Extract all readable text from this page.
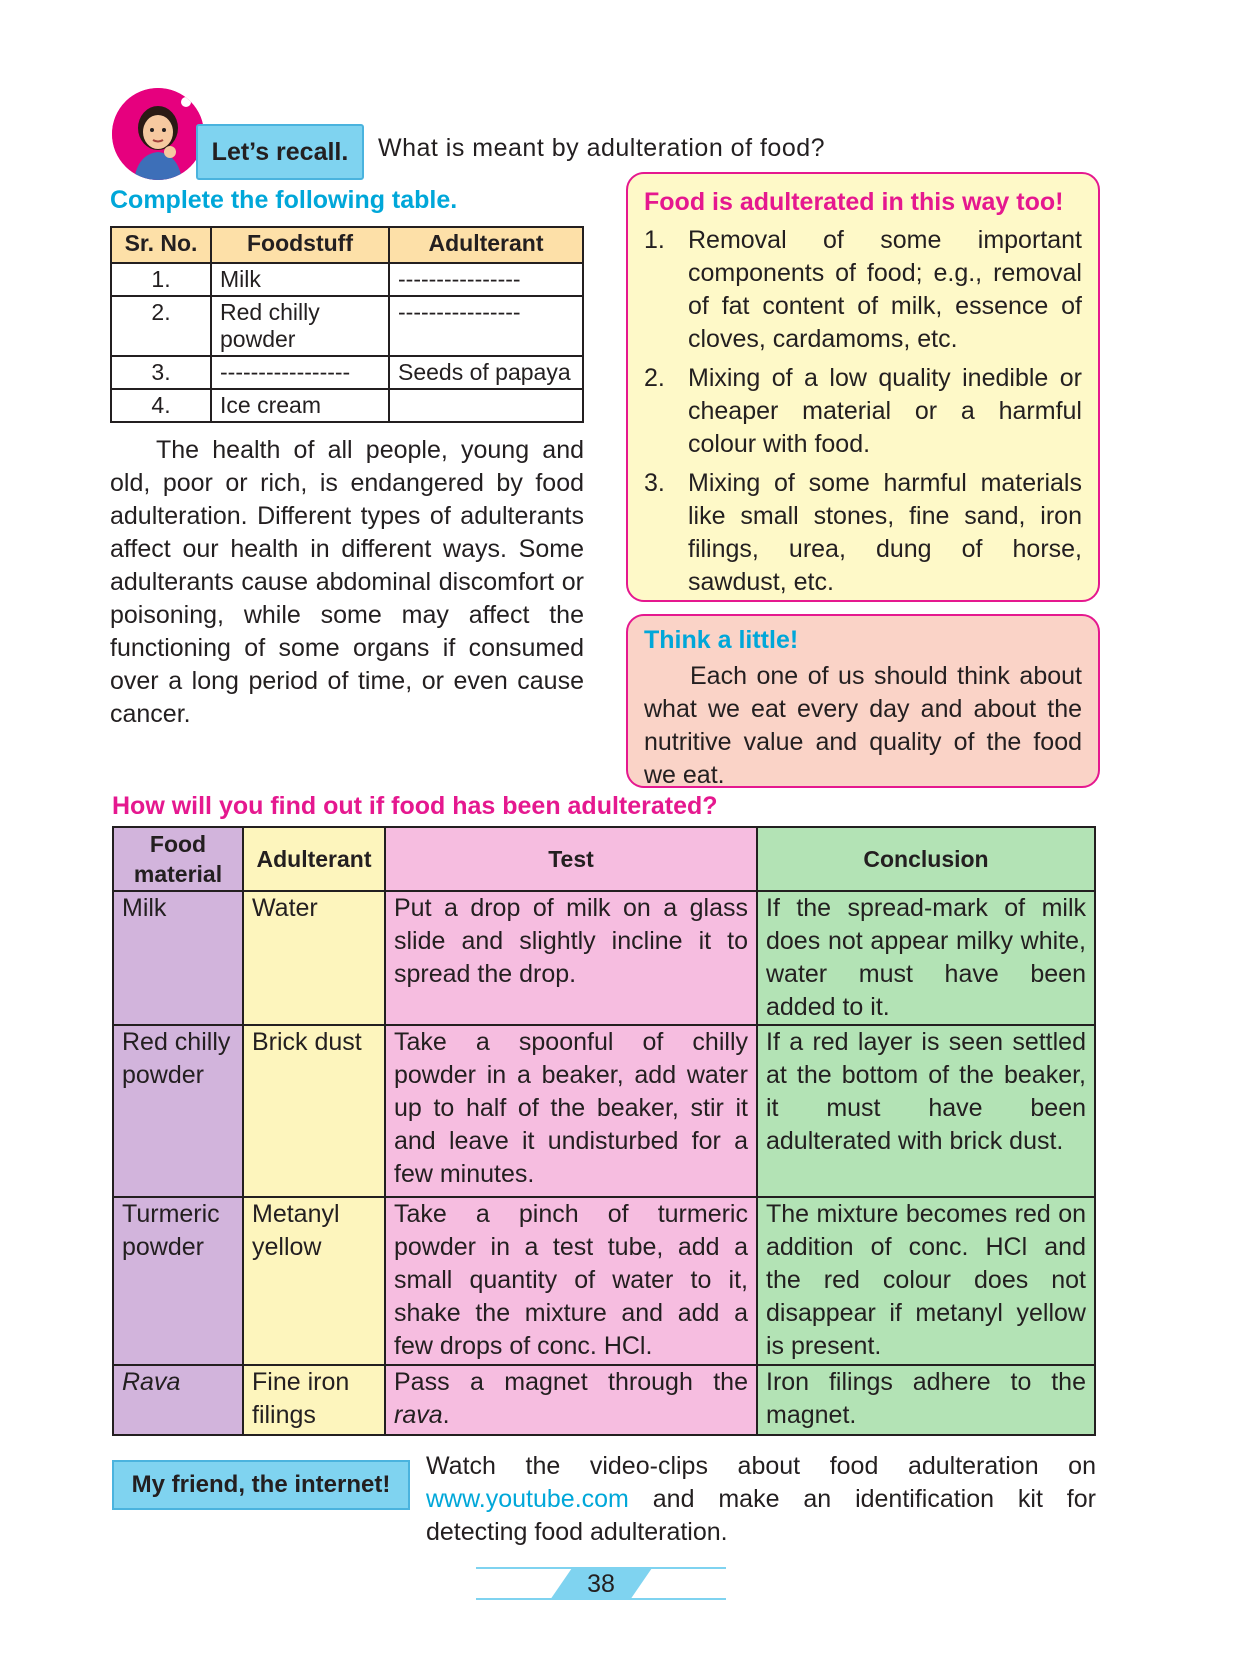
Let’s recall.	What is meant by adulteration of food?
Complete the following table.
Sr. No.	Foodstuff	Adulterant
1.	Milk	----------------
2.	Red chilly powder	----------------
3.	-----------------	Seeds of papaya
4.	Ice cream	
The health of all people, young and old, poor or rich, is endangered by food adulteration. Different types of adulterants affect our health in different ways. Some adulterants cause abdominal discomfort or poisoning, while some may affect the functioning of some organs if consumed over a long period of time, or even cause cancer.
Food is adulterated in this way too!
1. Removal of some important components of food; e.g., removal of fat content of milk, essence of cloves, cardamoms, etc.
2. Mixing of a low quality inedible or cheaper material or a harmful colour with food.
3. Mixing of some harmful materials like small stones, fine sand, iron filings, urea, dung of horse, sawdust, etc.
Think a little!
Each one of us should think about what we eat every day and about the nutritive value and quality of the food we eat.
How will you find out if food has been adulterated?
Food material	Adulterant	Test	Conclusion
Milk	Water	Put a drop of milk on a glass slide and slightly incline it to spread the drop.	If the spread-mark of milk does not appear milky white, water must have been added to it.
Red chilly powder	Brick dust	Take a spoonful of chilly powder in a beaker, add water up to half of the beaker, stir it and leave it undisturbed for a few minutes.	If a red layer is seen settled at the bottom of the beaker, it must have been adulterated with brick dust.
Turmeric powder	Metanyl yellow	Take a pinch of turmeric powder in a test tube, add a small quantity of water to it, shake the mixture and add a few drops of conc. HCl.	The mixture becomes red on addition of conc. HCl and the red colour does not disappear if metanyl yellow is present.
Rava	Fine iron filings	Pass a magnet through the rava.	Iron filings adhere to the magnet.
My friend, the internet!
Watch the video-clips about food adulteration on www.youtube.com and make an identification kit for detecting food adulteration.
38
